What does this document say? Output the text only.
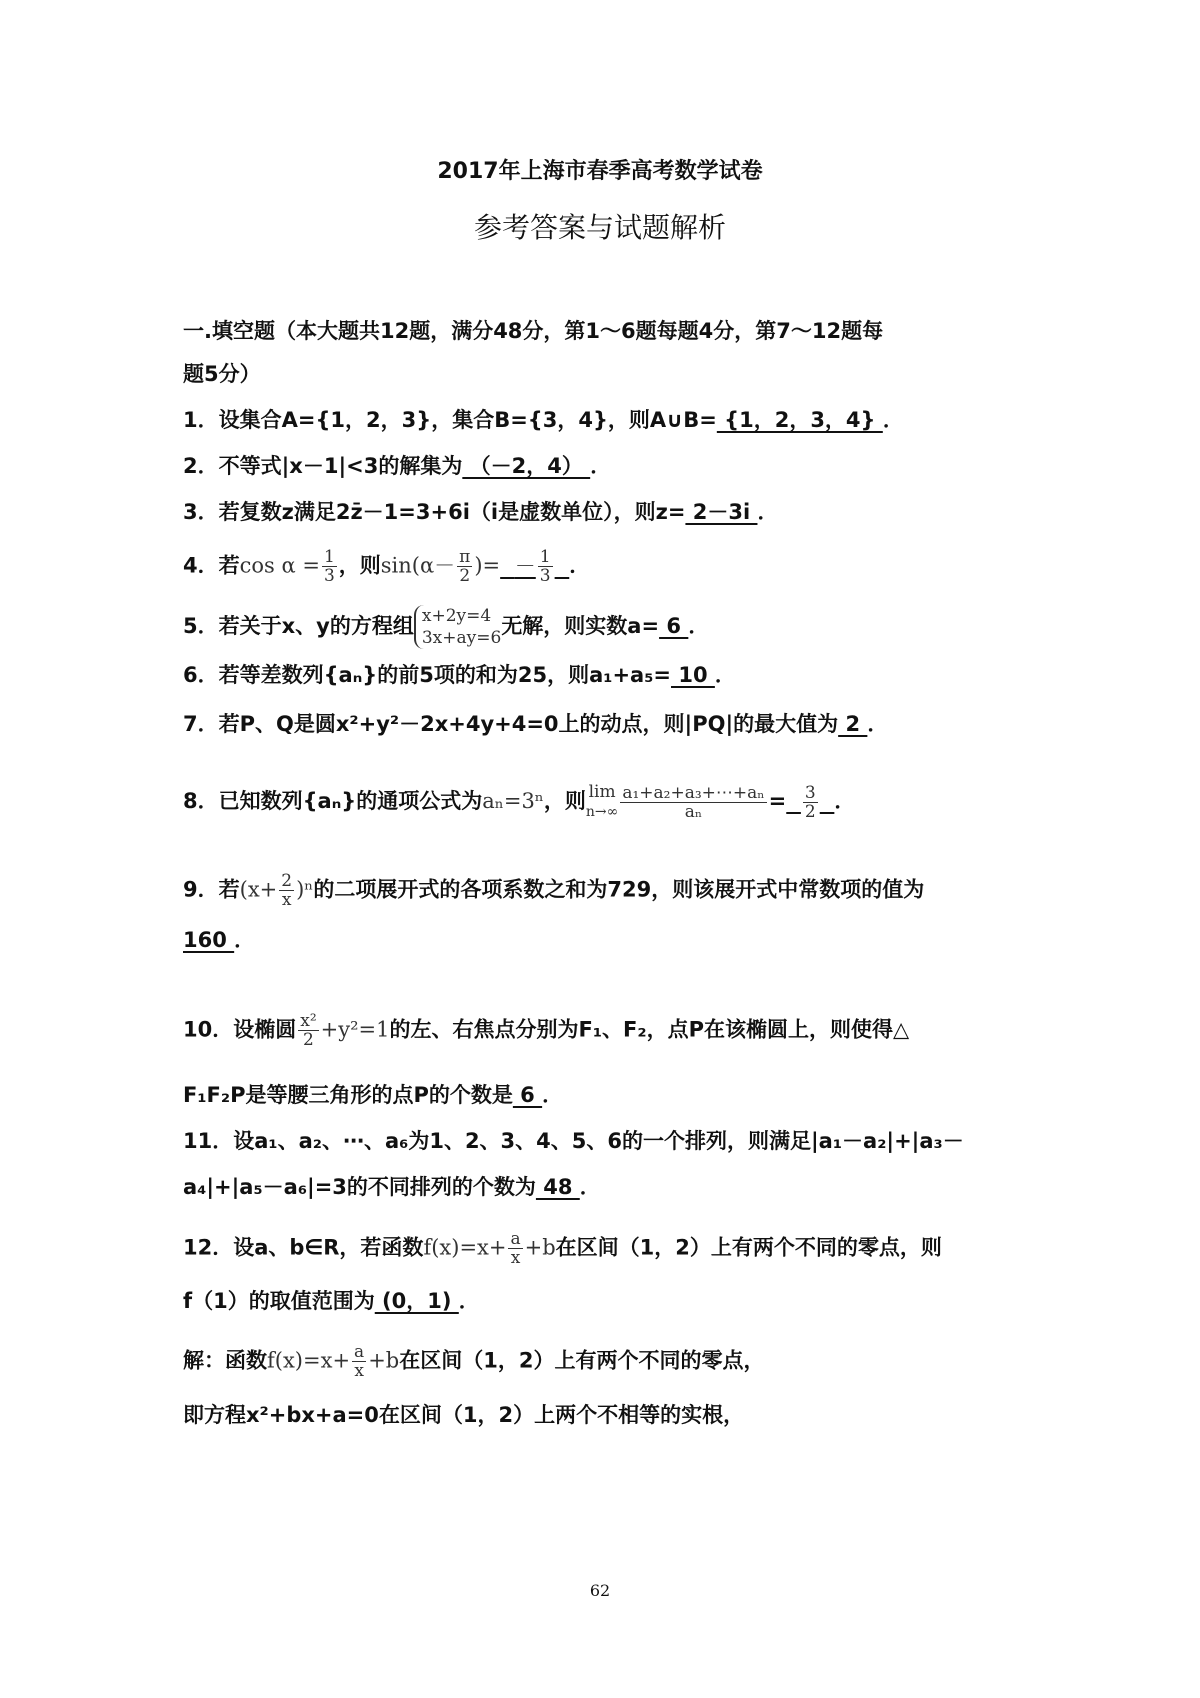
2017年上海市春季高考数学试卷
参考答案与试题解析
一.填空题（本大题共12题，满分48分，第1～6题每题4分，第7～12题每
题5分）
1．设集合A={1，2，3}，集合B={3，4}，则A∪B= {1，2，3，4} ．
2．不等式|x－1|<3的解集为 （－2，4） ．
3．若复数z满足2z̄－1=3+6i（i是虚数单位），则z= 2－3i ．
4．若$\cos \alpha = \frac{1}{3}$ ，则$\sin(\alpha- \frac{\pi}{2}$ )= － $\frac{1}{3}$ ．
5．若关于x、y的方程组 x+2y=4
3x+ay=6 无解，则实数a= 6 ．
6．若等差数列{aₙ}的前5项的和为25，则a₁+a₅= 10 ．
7．若P、Q是圆x²+y²－2x+4y+4=0上的动点，则|PQ|的最大值为 2 ．
8．已知数列{aₙ}的通项公式为aₙ=3ⁿ，则 lim
$n\to\infty \frac{\text{a₁+a₂+a₃+⋯+aₙ}}{\text{aₙ}} = \frac{3}{2}$ ．
9．若$(x+ \frac{2}{x} )^n$的二项展开式的各项系数之和为729，则该展开式中常数项的值为
160 ．
10．设椭圆 $\frac{\text{x²}}{2} +y^2=1$的左、右焦点分别为F₁、F₂，点P在该椭圆上，则使得△
F₁F₂P是等腰三角形的点P的个数是 6 ．
11．设a₁、a₂、⋯、a₆为1、2、3、4、5、6的一个排列，则满足|a₁－a₂|+|a₃－
a₄|+|a₅－a₆|=3的不同排列的个数为 48 ．
12．设a、b∈R，若函数$f(x)=x+ \frac{a}{x} +b$在区间（1，2）上有两个不同的零点，则
f（1）的取值范围为 (0，1) ．
解：函数$f(x)=x+ \frac{a}{x} +b$在区间（1，2）上有两个不同的零点，
即方程x²+bx+a=0在区间（1，2）上两个不相等的实根，
62
